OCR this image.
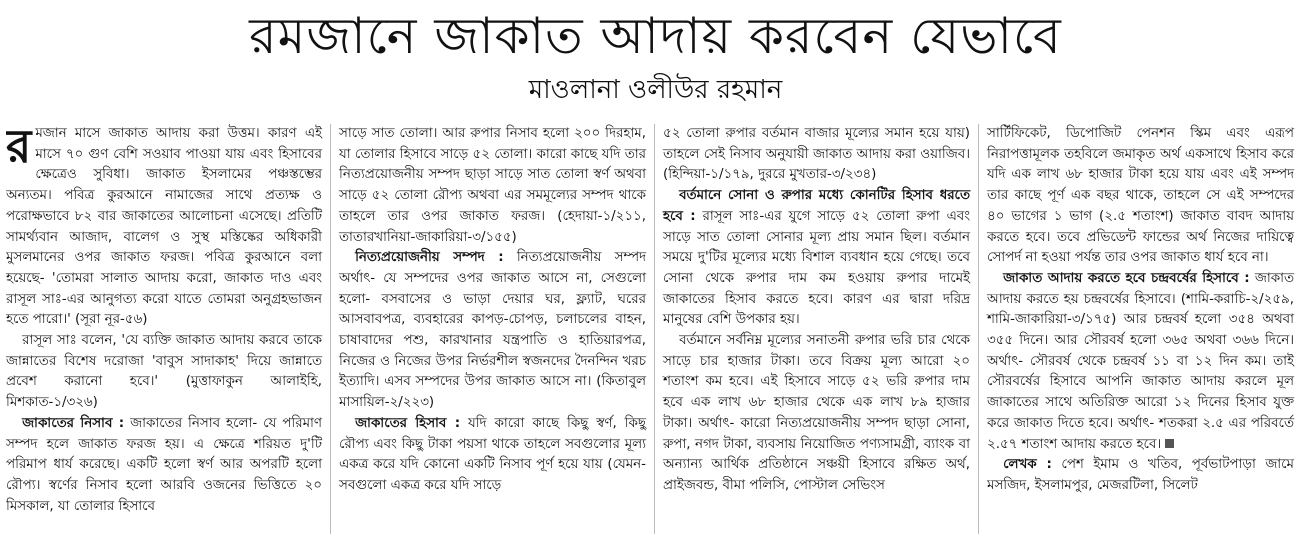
রমজানে জাকাত আদায় করবেন যেভাবে
মাওলানা ওলীউর রহমান

রমজান মাসে জাকাত আদায় করা উত্তম। কারণ এই মাসে ৭০ গুণ বেশি সওয়াব পাওয়া যায় এবং হিসাবের ক্ষেত্রেও সুবিধা। জাকাত ইসলামের পঞ্চস্তম্ভের অন্যতম। পবিত্র কুরআনে নামাজের সাথে প্রত্যক্ষ ও পরোক্ষভাবে ৮২ বার জাকাতের আলোচনা এসেছে। প্রতিটি সামর্থ্যবান আজাদ, বালেগ ও সুস্থ মস্তিষ্কের অধিকারী মুসলমানের ওপর জাকাত ফরজ। পবিত্র কুরআনে বলা হয়েছে- 'তোমরা সালাত আদায় করো, জাকাত দাও এবং রাসূল সাঃ-এর আনুগত্য করো যাতে তোমরা অনুগ্রহভাজন হতে পারো।' (সূরা নূর-৫৬)

রাসূল সাঃ বলেন, 'যে ব্যক্তি জাকাত আদায় করবে তাকে জান্নাতের বিশেষ দরোজা 'বাবুস সাদাকাহ' দিয়ে জান্নাতে প্রবেশ করানো হবে।' (মুত্তাফাকুন আলাইহি, মিশকাত-১/৩২৬)

জাকাতের নিসাব : জাকাতের নিসাব হলো- যে পরিমাণ সম্পদ হলে জাকাত ফরজ হয়। এ ক্ষেত্রে শরিয়ত দু'টি পরিমাপ ধার্য করেছে। একটি হলো স্বর্ণ আর অপরটি হলো রৌপ্য। স্বর্ণের নিসাব হলো আরবি ওজনের ভিত্তিতে ২০ মিসকাল, যা তোলার হিসাবে

সাড়ে সাত তোলা। আর রুপার নিসাব হলো ২০০ দিরহাম, যা তোলার হিসাবে সাড়ে ৫২ তোলা। কারো কাছে যদি তার নিত্যপ্রয়োজনীয় সম্পদ ছাড়া সাড়ে সাত তোলা স্বর্ণ অথবা সাড়ে ৫২ তোলা রৌপ্য অথবা এর সমমূল্যের সম্পদ থাকে তাহলে তার ওপর জাকাত ফরজ। (হেদায়া-১/২১১, তাতারখানিয়া-জাকারিয়া-৩/১৫৫)

নিত্যপ্রয়োজনীয় সম্পদ : নিত্যপ্রয়োজনীয় সম্পদ অর্থাৎ- যে সম্পদের ওপর জাকাত আসে না, সেগুলো হলো- বসবাসের ও ভাড়া দেয়ার ঘর, ফ্ল্যাট, ঘরের আসবাবপত্র, ব্যবহারের কাপড়-চোপড়, চলাচলের বাহন, চাষাবাদের পশু, কারখানার যন্ত্রপাতি ও হাতিয়ারপত্র, নিজের ও নিজের উপর নির্ভরশীল স্বজনদের দৈনন্দিন খরচ ইত্যাদি। এসব সম্পদের উপর জাকাত আসে না। (কিতাবুল মাসায়িল-২/২২৩)

জাকাতের হিসাব : যদি কারো কাছে কিছু স্বর্ণ, কিছু রৌপ্য এবং কিছু টাকা পয়সা থাকে তাহলে সবগুলোর মূল্য একত্র করে যদি কোনো একটি নিসাব পূর্ণ হয়ে যায় (যেমন- সবগুলো একত্র করে যদি সাড়ে

৫২ তোলা রুপার বর্তমান বাজার মূল্যের সমান হয়ে যায়) তাহলে সেই নিসাব অনুযায়ী জাকাত আদায় করা ওয়াজিব। (হিন্দিয়া-১/১৭৯, দুররে মুখতার-৩/২৩৪)

বর্তমানে সোনা ও রুপার মধ্যে কোনটির হিসাব ধরতে হবে : রাসূল সাঃ-এর যুগে সাড়ে ৫২ তোলা রুপা এবং সাড়ে সাত তোলা সোনার মূল্য প্রায় সমান ছিল। বর্তমান সময়ে দু'টির মূল্যের মধ্যে বিশাল ব্যবধান হয়ে গেছে। তবে সোনা থেকে রুপার দাম কম হওয়ায় রুপার দামেই জাকাতের হিসাব করতে হবে। কারণ এর দ্বারা দরিদ্র মানুষের বেশি উপকার হয়।

বর্তমানে সর্বনিম্ন মূল্যের সনাতনী রুপার ভরি চার থেকে সাড়ে চার হাজার টাকা। তবে বিক্রয় মূল্য আরো ২০ শতাংশ কম হবে। এই হিসাবে সাড়ে ৫২ ভরি রুপার দাম হবে এক লাখ ৬৮ হাজার থেকে এক লাখ ৮৯ হাজার টাকা। অর্থাৎ- কারো নিত্যপ্রয়োজনীয় সম্পদ ছাড়া সোনা, রুপা, নগদ টাকা, ব্যবসায় নিয়োজিত পণ্যসামগ্রী, ব্যাংক বা অন্যান্য আর্থিক প্রতিষ্ঠানে সঞ্চয়ী হিসাবে রক্ষিত অর্থ, প্রাইজবন্ড, বীমা পলিসি, পোস্টাল সেভিংস

সার্টিফিকেট, ডিপোজিট পেনশন স্কিম এবং এরূপ নিরাপত্তামূলক তহবিলে জমাকৃত অর্থ একসাথে হিসাব করে যদি এক লাখ ৬৮ হাজার টাকা হয়ে যায় এবং এই সম্পদ তার কাছে পূর্ণ এক বছর থাকে, তাহলে সে এই সম্পদের ৪০ ভাগের ১ ভাগ (২.৫ শতাংশ) জাকাত বাবদ আদায় করতে হবে। তবে প্রভিডেন্ট ফান্ডের অর্থ নিজের দায়িত্বে সোপর্দ না হওয়া পর্যন্ত তার ওপর জাকাত ধার্য হবে না।

জাকাত আদায় করতে হবে চন্দ্রবর্ষের হিসাবে : জাকাত আদায় করতে হয় চন্দ্রবর্ষের হিসাবে। (শামি-করাচি-২/২৫৯, শামি-জাকারিয়া-৩/১৭৫) আর চন্দ্রবর্ষ হলো ৩৫৪ অথবা ৩৫৫ দিনে। আর সৌরবর্ষ হলো ৩৬৫ অথবা ৩৬৬ দিনে। অর্থাৎ- সৌরবর্ষ থেকে চন্দ্রবর্ষ ১১ বা ১২ দিন কম। তাই সৌরবর্ষের হিসাবে আপনি জাকাত আদায় করলে মূল জাকাতের সাথে অতিরিক্ত আরো ১২ দিনের হিসাব যুক্ত করে জাকাত দিতে হবে। অর্থাৎ- শতকরা ২.৫ এর পরিবর্তে ২.৫৭ শতাংশ আদায় করতে হবে।

লেখক : পেশ ইমাম ও খতিব, পূর্বভাটপাড়া জামে মসজিদ, ইসলামপুর, মেজরটিলা, সিলেট
